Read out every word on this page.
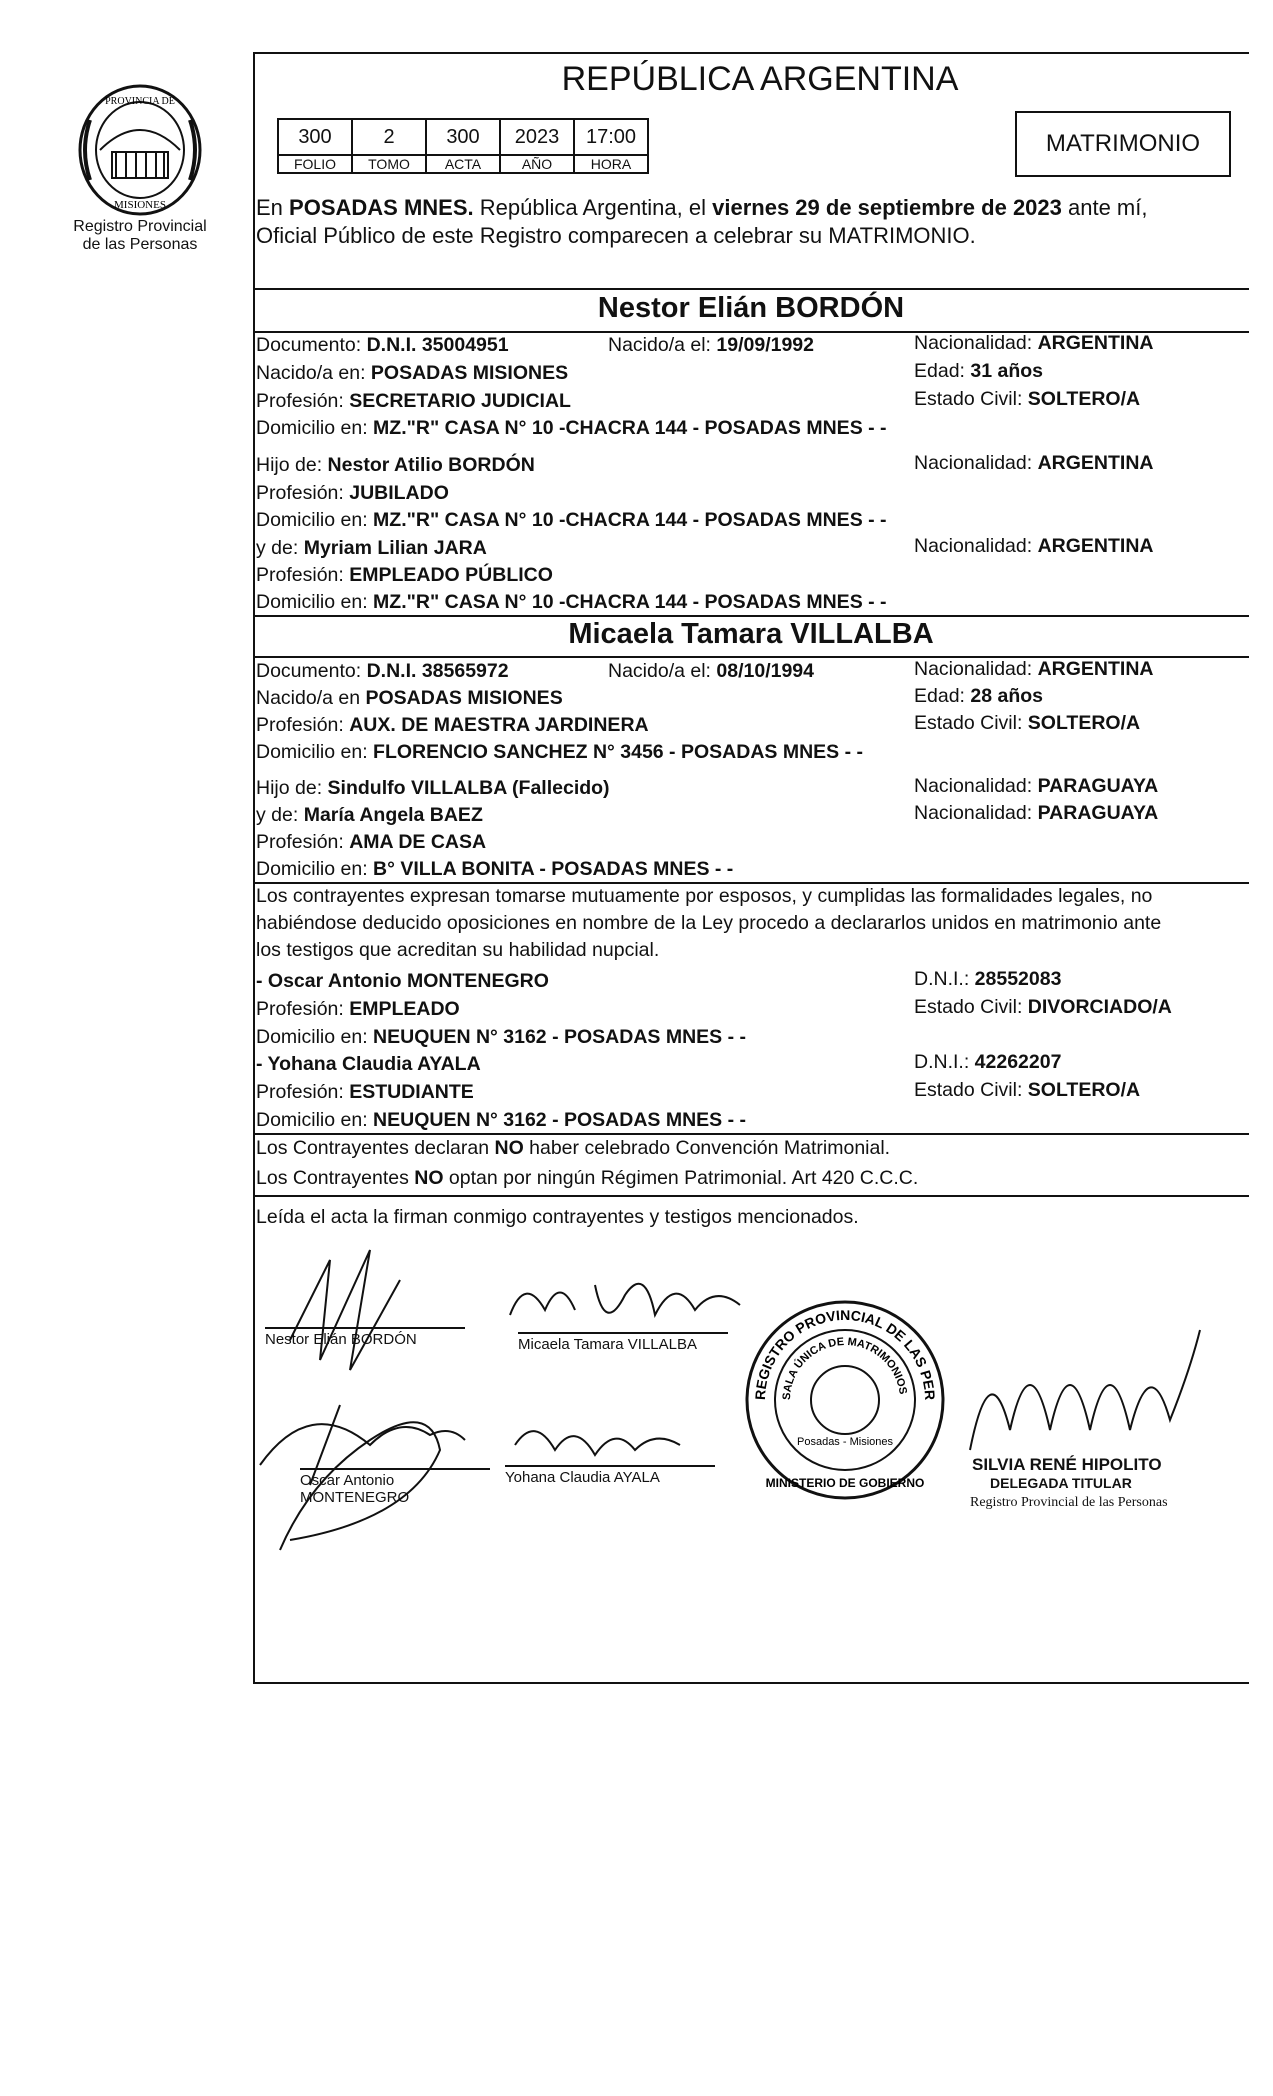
PROVINCIA DE
MISIONES
Registro Provincial
de las Personas
REPÚBLICA ARGENTINA
300	2	300	2023	17:00
FOLIO	TOMO	ACTA	AÑO	HORA
MATRIMONIO
En POSADAS MNES. República Argentina, el viernes 29 de septiembre de 2023 ante mí,
Oficial Público de este Registro comparecen a celebrar su MATRIMONIO.
Nestor Elián BORDÓN
Documento: D.N.I. 35004951	Nacido/a el: 19/09/1992	Nacionalidad: ARGENTINA
Nacido/a en: POSADAS MISIONES	Edad: 31 años
Profesión: SECRETARIO JUDICIAL	Estado Civil: SOLTERO/A
Domicilio en: MZ."R" CASA N° 10 -CHACRA 144 - POSADAS MNES - -
Hijo de: Nestor Atilio BORDÓN	Nacionalidad: ARGENTINA
Profesión: JUBILADO
Domicilio en: MZ."R" CASA N° 10 -CHACRA 144 - POSADAS MNES - -
y de: Myriam Lilian JARA	Nacionalidad: ARGENTINA
Profesión: EMPLEADO PÚBLICO
Domicilio en: MZ."R" CASA N° 10 -CHACRA 144 - POSADAS MNES - -
Micaela Tamara VILLALBA
Documento: D.N.I. 38565972	Nacido/a el: 08/10/1994	Nacionalidad: ARGENTINA
Nacido/a en POSADAS MISIONES	Edad: 28 años
Profesión: AUX. DE MAESTRA JARDINERA	Estado Civil: SOLTERO/A
Domicilio en: FLORENCIO SANCHEZ N° 3456 - POSADAS MNES - -
Hijo de: Sindulfo VILLALBA (Fallecido)	Nacionalidad: PARAGUAYA
y de: María Angela BAEZ	Nacionalidad: PARAGUAYA
Profesión: AMA DE CASA
Domicilio en: B° VILLA BONITA - POSADAS MNES - -
Los contrayentes expresan tomarse mutuamente por esposos, y cumplidas las formalidades legales, no
habiéndose deducido oposiciones en nombre de la Ley procedo a declararlos unidos en matrimonio ante
los testigos que acreditan su habilidad nupcial.
- Oscar Antonio MONTENEGRO	D.N.I.: 28552083
Profesión: EMPLEADO	Estado Civil: DIVORCIADO/A
Domicilio en: NEUQUEN N° 3162 - POSADAS MNES - -
- Yohana Claudia AYALA	D.N.I.: 42262207
Profesión: ESTUDIANTE	Estado Civil: SOLTERO/A
Domicilio en: NEUQUEN N° 3162 - POSADAS MNES - -
Los Contrayentes declaran NO haber celebrado Convención Matrimonial.
Los Contrayentes NO optan por ningún Régimen Patrimonial. Art 420 C.C.C.
Leída el acta la firman conmigo contrayentes y testigos mencionados.
Nestor Elián BORDÓN	Micaela Tamara VILLALBA
Oscar Antonio
MONTENEGRO
Yohana Claudia AYALA
REGISTRO PROVINCIAL DE LAS PERSONAS
SALA ÚNICA DE MATRIMONIOS
Posadas - Misiones
MINISTERIO DE GOBIERNO
SILVIA RENÉ HIPOLITO
DELEGADA TITULAR
Registro Provincial de las Personas
